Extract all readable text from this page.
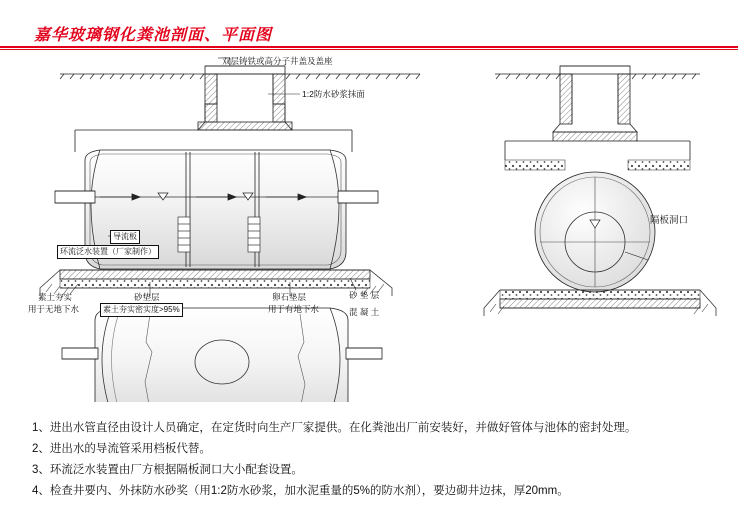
嘉华玻璃钢化粪池剖面、平面图
双层铸铁或高分子井盖及盖座
1:2防水砂浆抹面
导流板
环流泛水装置（厂家制作）
素土夯实
用于无地下水
砂垫层
素土夯实密实度>95%
卵石垫层
用于有地下水
砂 垫 层
混 凝 土
隔板洞口
1、进出水管直径由设计人员确定，在定货时向生产厂家提供。在化粪池出厂前安装好，并做好管体与池体的密封处理。
2、进出水的导流管采用档板代替。
3、环流泛水装置由厂方根据隔板洞口大小配套设置。
4、检查井要内、外抹防水砂奖（用1:2防水砂浆，加水泥重量的5%的防水剂），要边砌井边抹，厚20mm。
